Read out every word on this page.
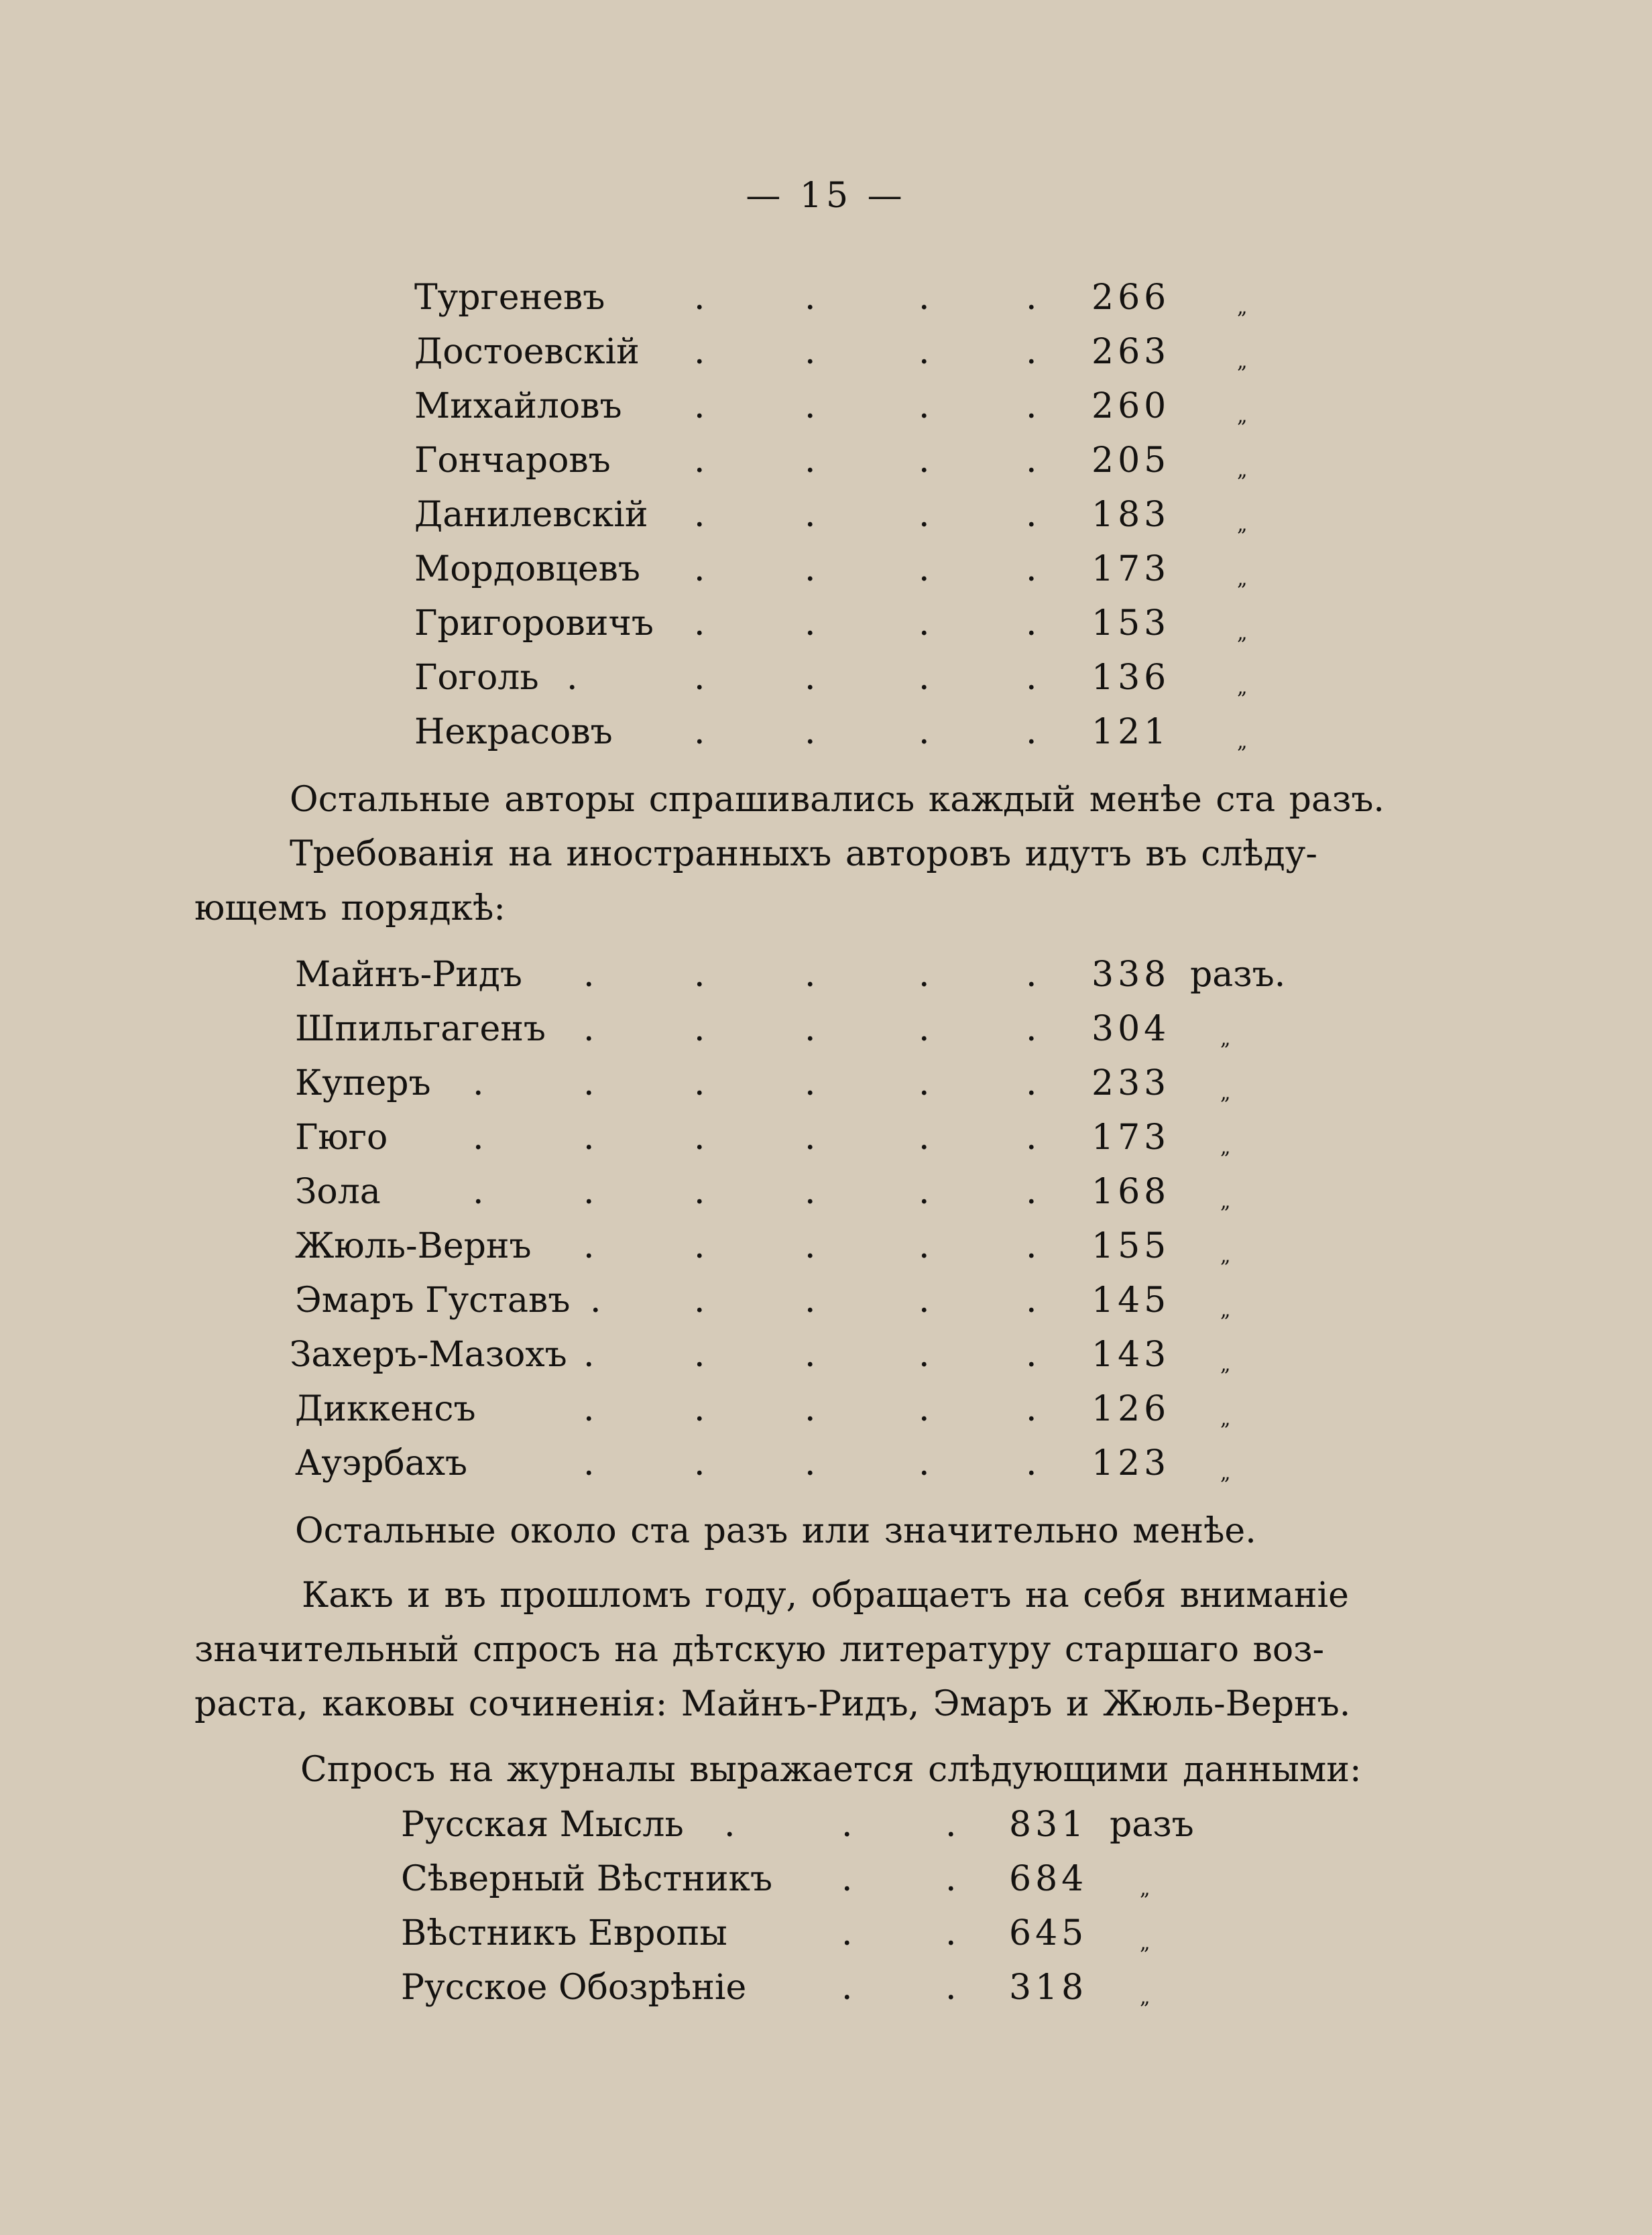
— 15 —
Тургеневъ	.	.	.	. 266	„
Достоевскій .	.	.	. 263	„
Михайловъ .	.	.	. 260	„
Гончаровъ .	.	.	. 205	„
Данилевскій .	.	.	. 183	„
Мордовцевъ .	.	.	. 173	„
Григоровичъ .	.	.	. 153	„
Гоголь .	.	.	.	. 136	„
Некрасовъ .	.	.	. 121	„

Остальные авторы спрашивались каждый менѣе ста разъ.

Требованія на иностранныхъ авторовъ идутъ въ слѣду-
ющемъ порядкѣ:

Майнъ-Ридъ .	.	.	.	. 338 разъ.
Шпильгагенъ .	.	.	.	. 304 „
Куперъ .	.	.	.	.	. 233 „
Гюго .	.	.	.	.	. 173 „
Зола	.	.	.	.	.	. 168 „
Жюль-Вернъ .	.	.	.	. 155 „
Эмаръ Густавъ .	.	.	.	. 145 „
Захеръ-Мазохъ .	.	.	.	. 143 „
Диккенсъ	.	.	.	.	. 126 „
Ауэрбахъ	.	.	.	.	. 123 „

Остальные около ста разъ или значительно менѣе.

Какъ и въ прошломъ году, обращаетъ на себя вниманіе
значительный спросъ на дѣтскую литературу старшаго воз-
раста, каковы сочиненія: Майнъ-Ридъ, Эмаръ и Жюль-Вернъ.

Спросъ на журналы выражается слѣдующими данными:

Русская Мысль .	.	. 831 разъ
Сѣверный Вѣстникъ .	. 684	„
Вѣстникъ Европы	.	. 645	„
Русское Обозрѣніе	.	. 318	„
